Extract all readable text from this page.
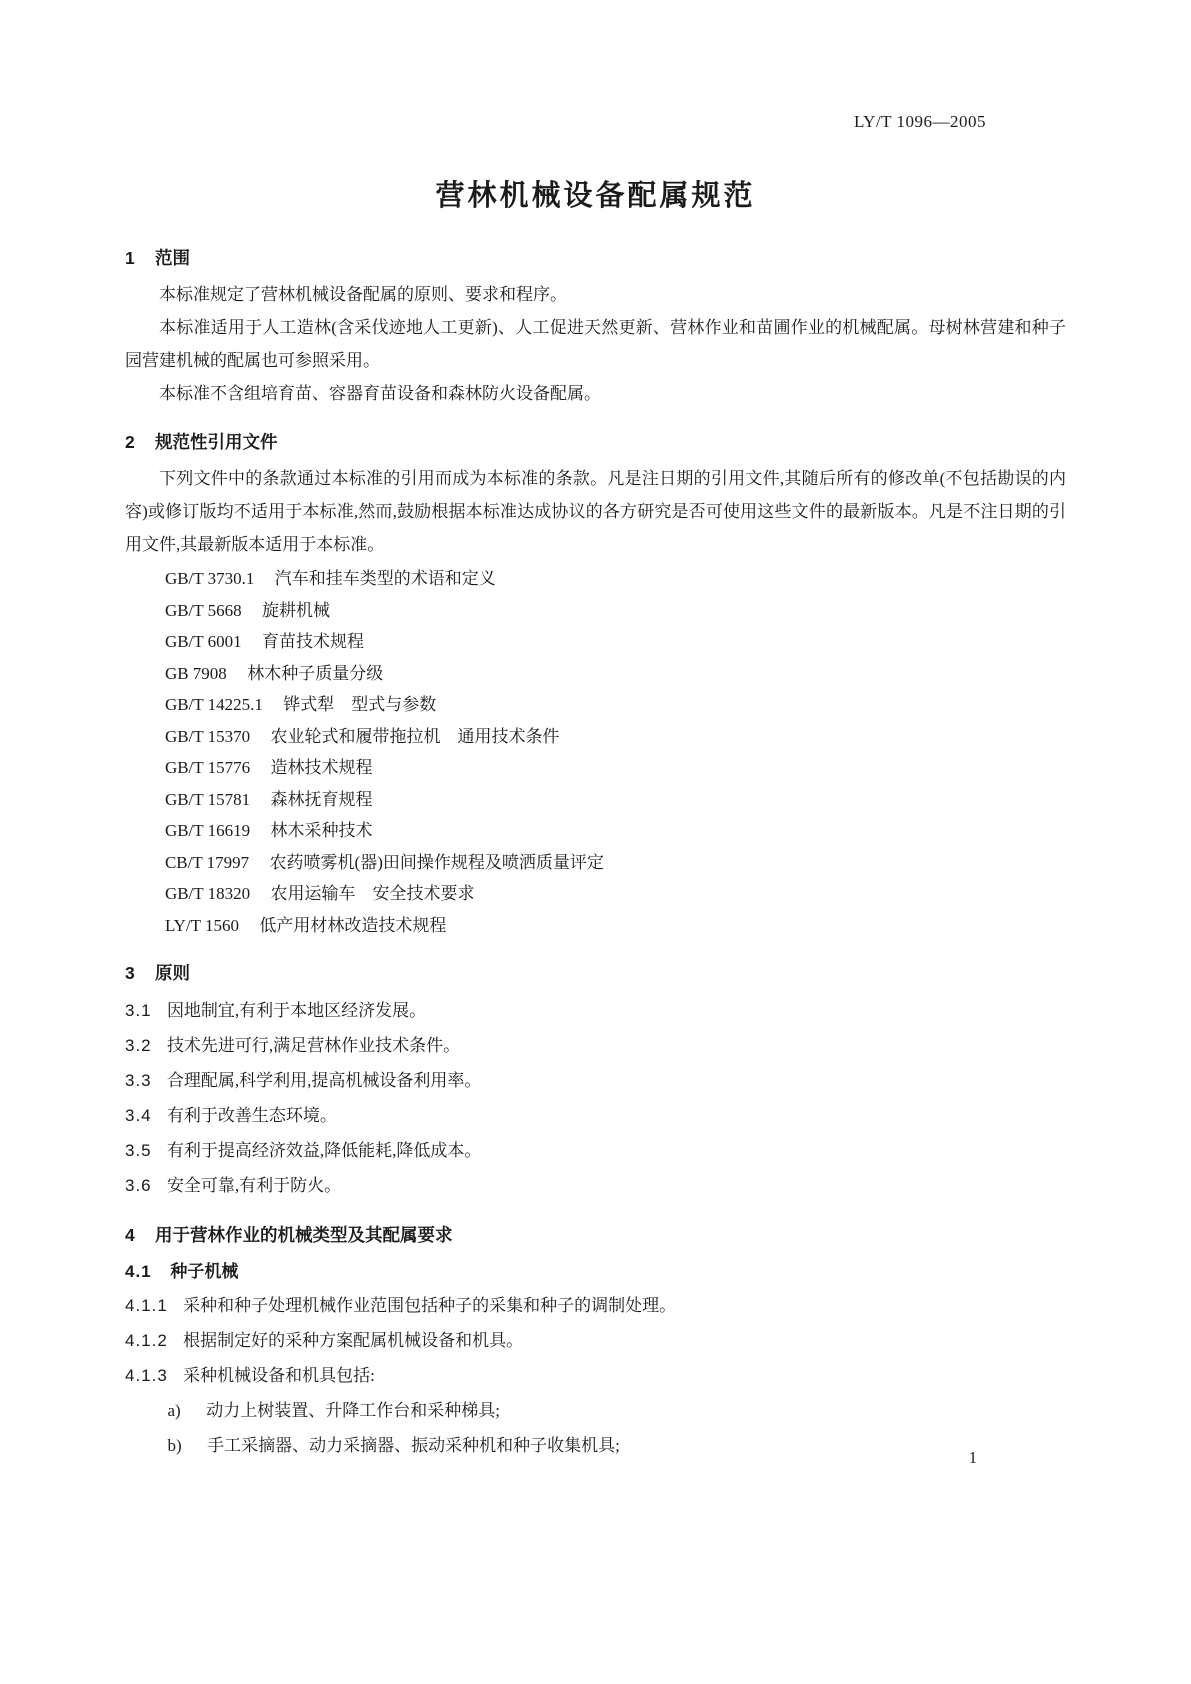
LY/T 1096—2005
营林机械设备配属规范
1 范围

本标准规定了营林机械设备配属的原则、要求和程序。

本标准适用于人工造林(含采伐迹地人工更新)、人工促进天然更新、营林作业和苗圃作业的机械配属。母树林营建和种子园营建机械的配属也可参照采用。

本标准不含组培育苗、容器育苗设备和森林防火设备配属。

2 规范性引用文件

下列文件中的条款通过本标准的引用而成为本标准的条款。凡是注日期的引用文件,其随后所有的修改单(不包括勘误的内容)或修订版均不适用于本标准,然而,鼓励根据本标准达成协议的各方研究是否可使用这些文件的最新版本。凡是不注日期的引用文件,其最新版本适用于本标准。

GB/T 3730.1 汽车和挂车类型的术语和定义
GB/T 5668 旋耕机械
GB/T 6001 育苗技术规程
GB 7908 林木种子质量分级
GB/T 14225.1 铧式犁　型式与参数
GB/T 15370 农业轮式和履带拖拉机　通用技术条件
GB/T 15776 造林技术规程
GB/T 15781 森林抚育规程
GB/T 16619 林木采种技术
CB/T 17997 农药喷雾机(器)田间操作规程及喷洒质量评定
GB/T 18320 农用运输车　安全技术要求
LY/T 1560 低产用材林改造技术规程
3 原则
3.1 因地制宜,有利于本地区经济发展。
3.2 技术先进可行,满足营林作业技术条件。
3.3 合理配属,科学利用,提高机械设备利用率。
3.4 有利于改善生态环境。
3.5 有利于提高经济效益,降低能耗,降低成本。
3.6 安全可靠,有利于防火。
4 用于营林作业的机械类型及其配属要求
4.1 种子机械
4.1.1 采种和种子处理机械作业范围包括种子的采集和种子的调制处理。
4.1.2 根据制定好的采种方案配属机械设备和机具。
4.1.3 采种机械设备和机具包括:
a) 动力上树装置、升降工作台和采种梯具;
b) 手工采摘器、动力采摘器、振动采种机和种子收集机具;
1
